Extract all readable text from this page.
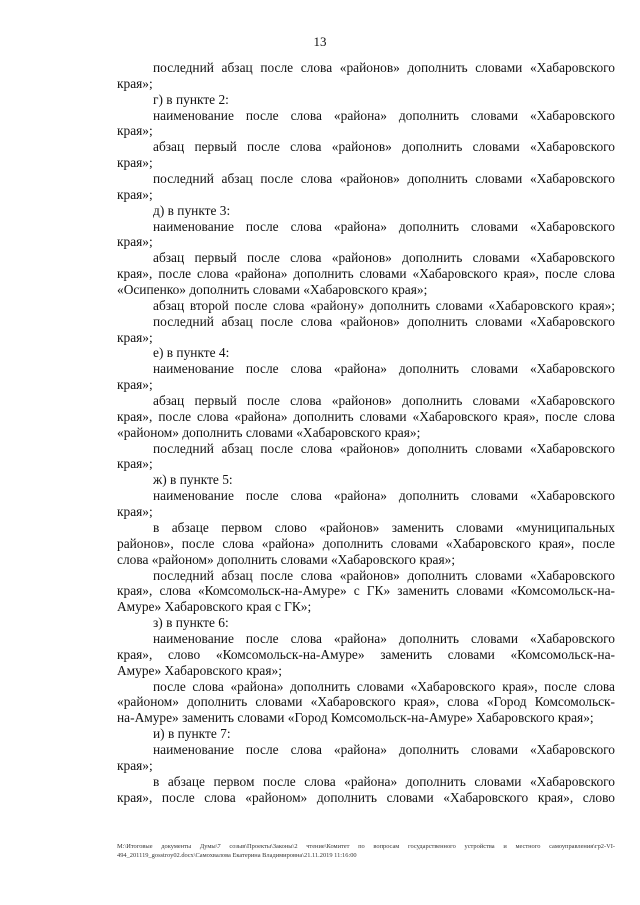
13
последний абзац после слова «районов» дополнить словами «Хабаровского
края»;
г) в пункте 2:
наименование после слова «района» дополнить словами «Хабаровского
края»;
абзац первый после слова «районов» дополнить словами «Хабаровского
края»;
последний абзац после слова «районов» дополнить словами «Хабаровского
края»;
д) в пункте 3:
наименование после слова «района» дополнить словами «Хабаровского
края»;
абзац первый после слова «районов» дополнить словами «Хабаровского
края», после слова «района» дополнить словами «Хабаровского края», после слова
«Осипенко» дополнить словами «Хабаровского края»;
абзац второй после слова «району» дополнить словами «Хабаровского края»;
последний абзац после слова «районов» дополнить словами «Хабаровского
края»;
е) в пункте 4:
наименование после слова «района» дополнить словами «Хабаровского
края»;
абзац первый после слова «районов» дополнить словами «Хабаровского
края», после слова «района» дополнить словами «Хабаровского края», после слова
«районом» дополнить словами «Хабаровского края»;
последний абзац после слова «районов» дополнить словами «Хабаровского
края»;
ж) в пункте 5:
наименование после слова «района» дополнить словами «Хабаровского
края»;
в абзаце первом слово «районов» заменить словами «муниципальных
районов», после слова «района» дополнить словами «Хабаровского края», после
слова «районом» дополнить словами «Хабаровского края»;
последний абзац после слова «районов» дополнить словами «Хабаровского
края», слова «Комсомольск-на-Амуре» с ГК» заменить словами «Комсомольск-на-
Амуре» Хабаровского края с ГК»;
з) в пункте 6:
наименование после слова «района» дополнить словами «Хабаровского
края», слово «Комсомольск-на-Амуре» заменить словами «Комсомольск-на-
Амуре» Хабаровского края»;
после слова «района» дополнить словами «Хабаровского края», после слова
«районом» дополнить словами «Хабаровского края», слова «Город Комсомольск-
на-Амуре» заменить словами «Город Комсомольск-на-Амуре» Хабаровского края»;
и) в пункте 7:
наименование после слова «района» дополнить словами «Хабаровского
края»;
в абзаце первом после слова «района» дополнить словами «Хабаровского
края», после слова «районом» дополнить словами «Хабаровского края», слово
М:\Итоговые документы Думы\7 созыв\Проекты\Законы\2 чтение\Комитет по вопросам государственного устройства и местного самоуправления\гр2-VI-
494_201119_gosstroy02.docx\Самохвалова Екатерина Владимировна\21.11.2019 11:16:00
